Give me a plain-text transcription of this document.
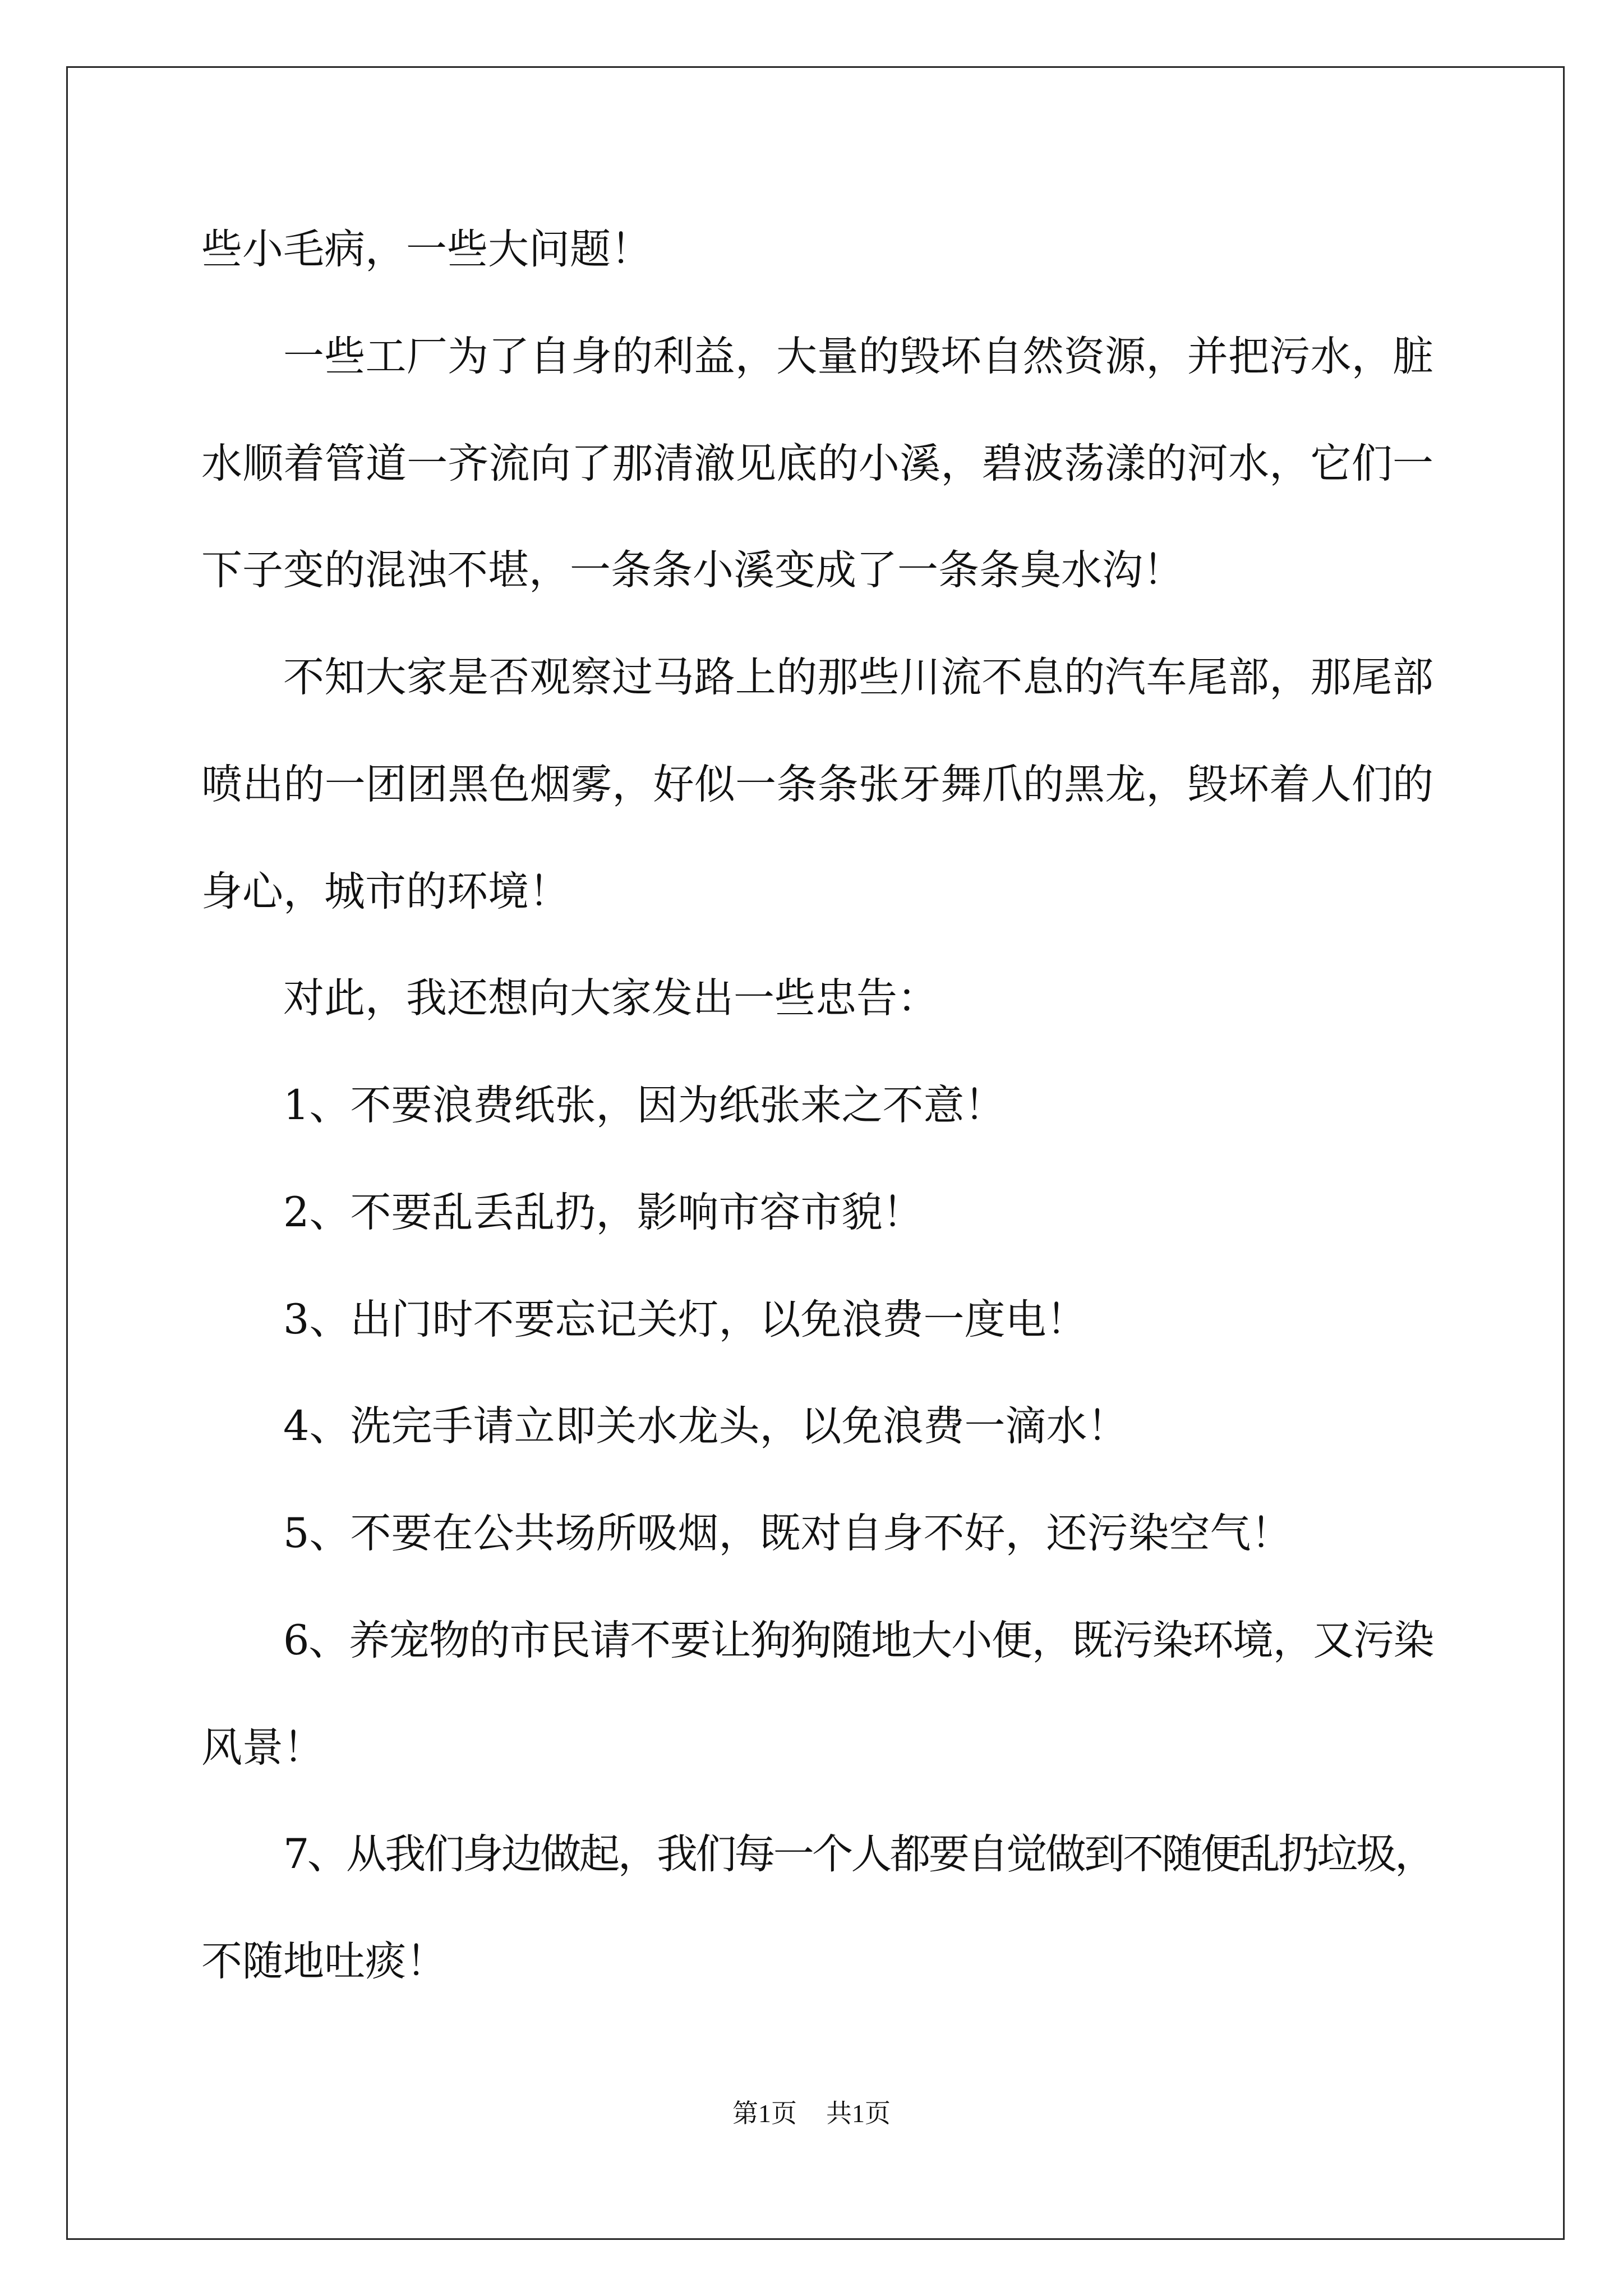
些小毛病，一些大问题！
一些工厂为了自身的利益，大量的毁坏自然资源，并把污水，脏
水顺着管道一齐流向了那清澈见底的小溪，碧波荡漾的河水，它们一
下子变的混浊不堪，一条条小溪变成了一条条臭水沟！
不知大家是否观察过马路上的那些川流不息的汽车尾部，那尾部
喷出的一团团黑色烟雾，好似一条条张牙舞爪的黑龙，毁坏着人们的
身心，城市的环境！
对此，我还想向大家发出一些忠告：
1、不要浪费纸张，因为纸张来之不意！
2、不要乱丢乱扔，影响市容市貌！
3、出门时不要忘记关灯，以免浪费一度电！
4、洗完手请立即关水龙头，以免浪费一滴水！
5、不要在公共场所吸烟，既对自身不好，还污染空气！
6、养宠物的市民请不要让狗狗随地大小便，既污染环境，又污染
风景！
7、从我们身边做起，我们每一个人都要自觉做到不随便乱扔垃圾，
不随地吐痰！
第1页 共1页
